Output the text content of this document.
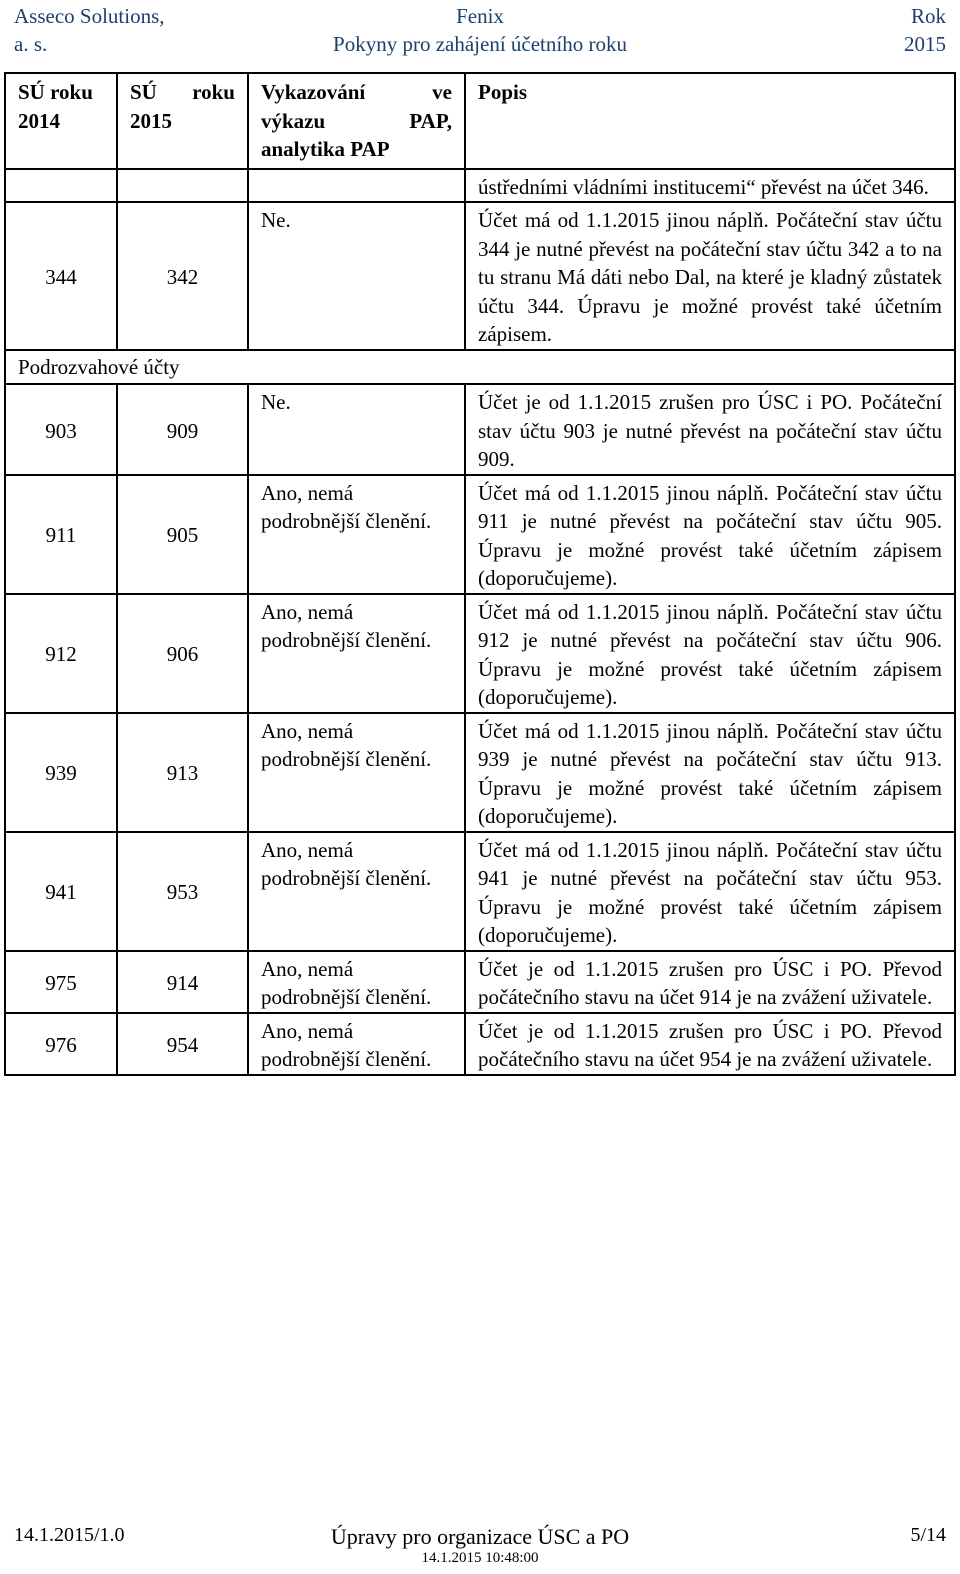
Asseco Solutions,
a. s.
Fenix
Pokyny pro zahájení účetního roku
Rok
2015
SÚ roku 2014	SÚ roku 2015	Vykazování ve výkazu PAP, analytika PAP	Popis
			ústředními vládními institucemi“ převést na účet 346.
344	342	Ne.	Účet má od 1.1.2015 jinou náplň. Počáteční stav účtu 344 je nutné převést na počáteční stav účtu 342 a to na tu stranu Má dáti nebo Dal, na které je kladný zůstatek účtu 344. Úpravu je možné provést také účetním zápisem.
Podrozvahové účty			
903	909	Ne.	Účet je od 1.1.2015 zrušen pro ÚSC i PO. Počáteční stav účtu 903 je nutné převést na počáteční stav účtu 909.
911	905	Ano, nemá podrobnější členění.	Účet má od 1.1.2015 jinou náplň. Počáteční stav účtu 911 je nutné převést na počáteční stav účtu 905. Úpravu je možné provést také účetním zápisem (doporučujeme).
912	906	Ano, nemá podrobnější členění.	Účet má od 1.1.2015 jinou náplň. Počáteční stav účtu 912 je nutné převést na počáteční stav účtu 906. Úpravu je možné provést také účetním zápisem (doporučujeme).
939	913	Ano, nemá podrobnější členění.	Účet má od 1.1.2015 jinou náplň. Počáteční stav účtu 939 je nutné převést na počáteční stav účtu 913. Úpravu je možné provést také účetním zápisem (doporučujeme).
941	953	Ano, nemá podrobnější členění.	Účet má od 1.1.2015 jinou náplň. Počáteční stav účtu 941 je nutné převést na počáteční stav účtu 953. Úpravu je možné provést také účetním zápisem (doporučujeme).
975	914	Ano, nemá podrobnější členění.	Účet je od 1.1.2015 zrušen pro ÚSC i PO. Převod počátečního stavu na účet 914 je na zvážení uživatele.
976	954	Ano, nemá podrobnější členění.	Účet je od 1.1.2015 zrušen pro ÚSC i PO. Převod počátečního stavu na účet 954 je na zvážení uživatele.
14.1.2015/1.0	Úpravy pro organizace ÚSC a PO	5/14
14.1.2015 10:48:00
